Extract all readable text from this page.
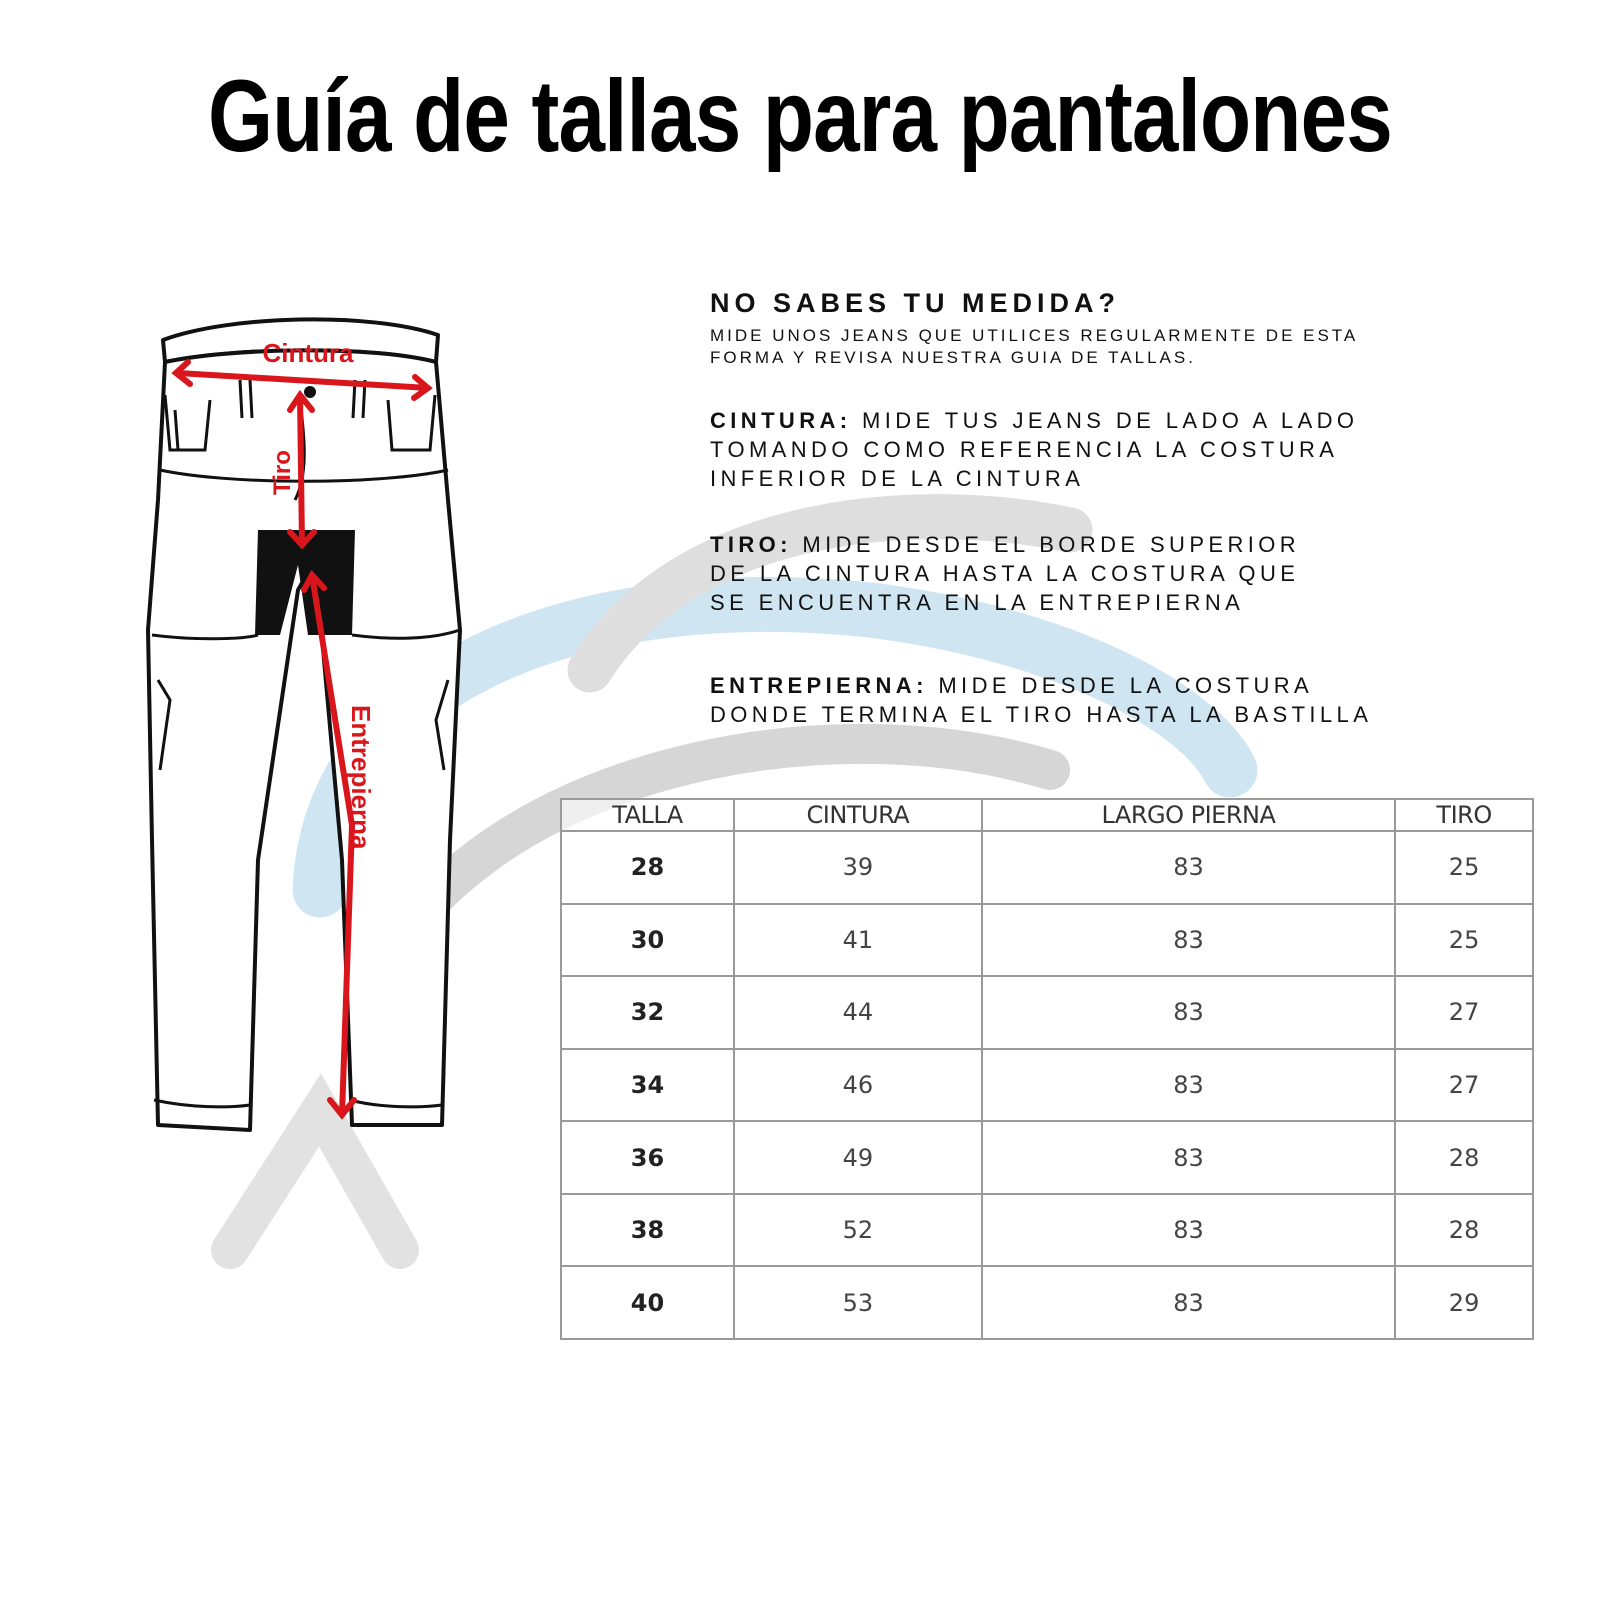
Guía de tallas para pantalones
Cintura
Tiro
Entrepierna

NO SABES TU MEDIDA?

MIDE UNOS JEANS QUE UTILICES REGULARMENTE DE ESTA

FORMA Y REVISA NUESTRA GUIA DE TALLAS.

CINTURA: MIDE TUS JEANS DE LADO A LADO
TOMANDO COMO REFERENCIA LA COSTURA
INFERIOR DE LA CINTURA
TIRO: MIDE DESDE EL BORDE SUPERIOR
DE LA CINTURA HASTA LA COSTURA QUE
SE ENCUENTRA EN LA ENTREPIERNA
ENTREPIERNA: MIDE DESDE LA COSTURA
DONDE TERMINA EL TIRO HASTA LA BASTILLA
TALLA	CINTURA	LARGO PIERNA	TIRO
28	39	83	25
30	41	83	25
32	44	83	27
34	46	83	27
36	49	83	28
38	52	83	28
40	53	83	29
